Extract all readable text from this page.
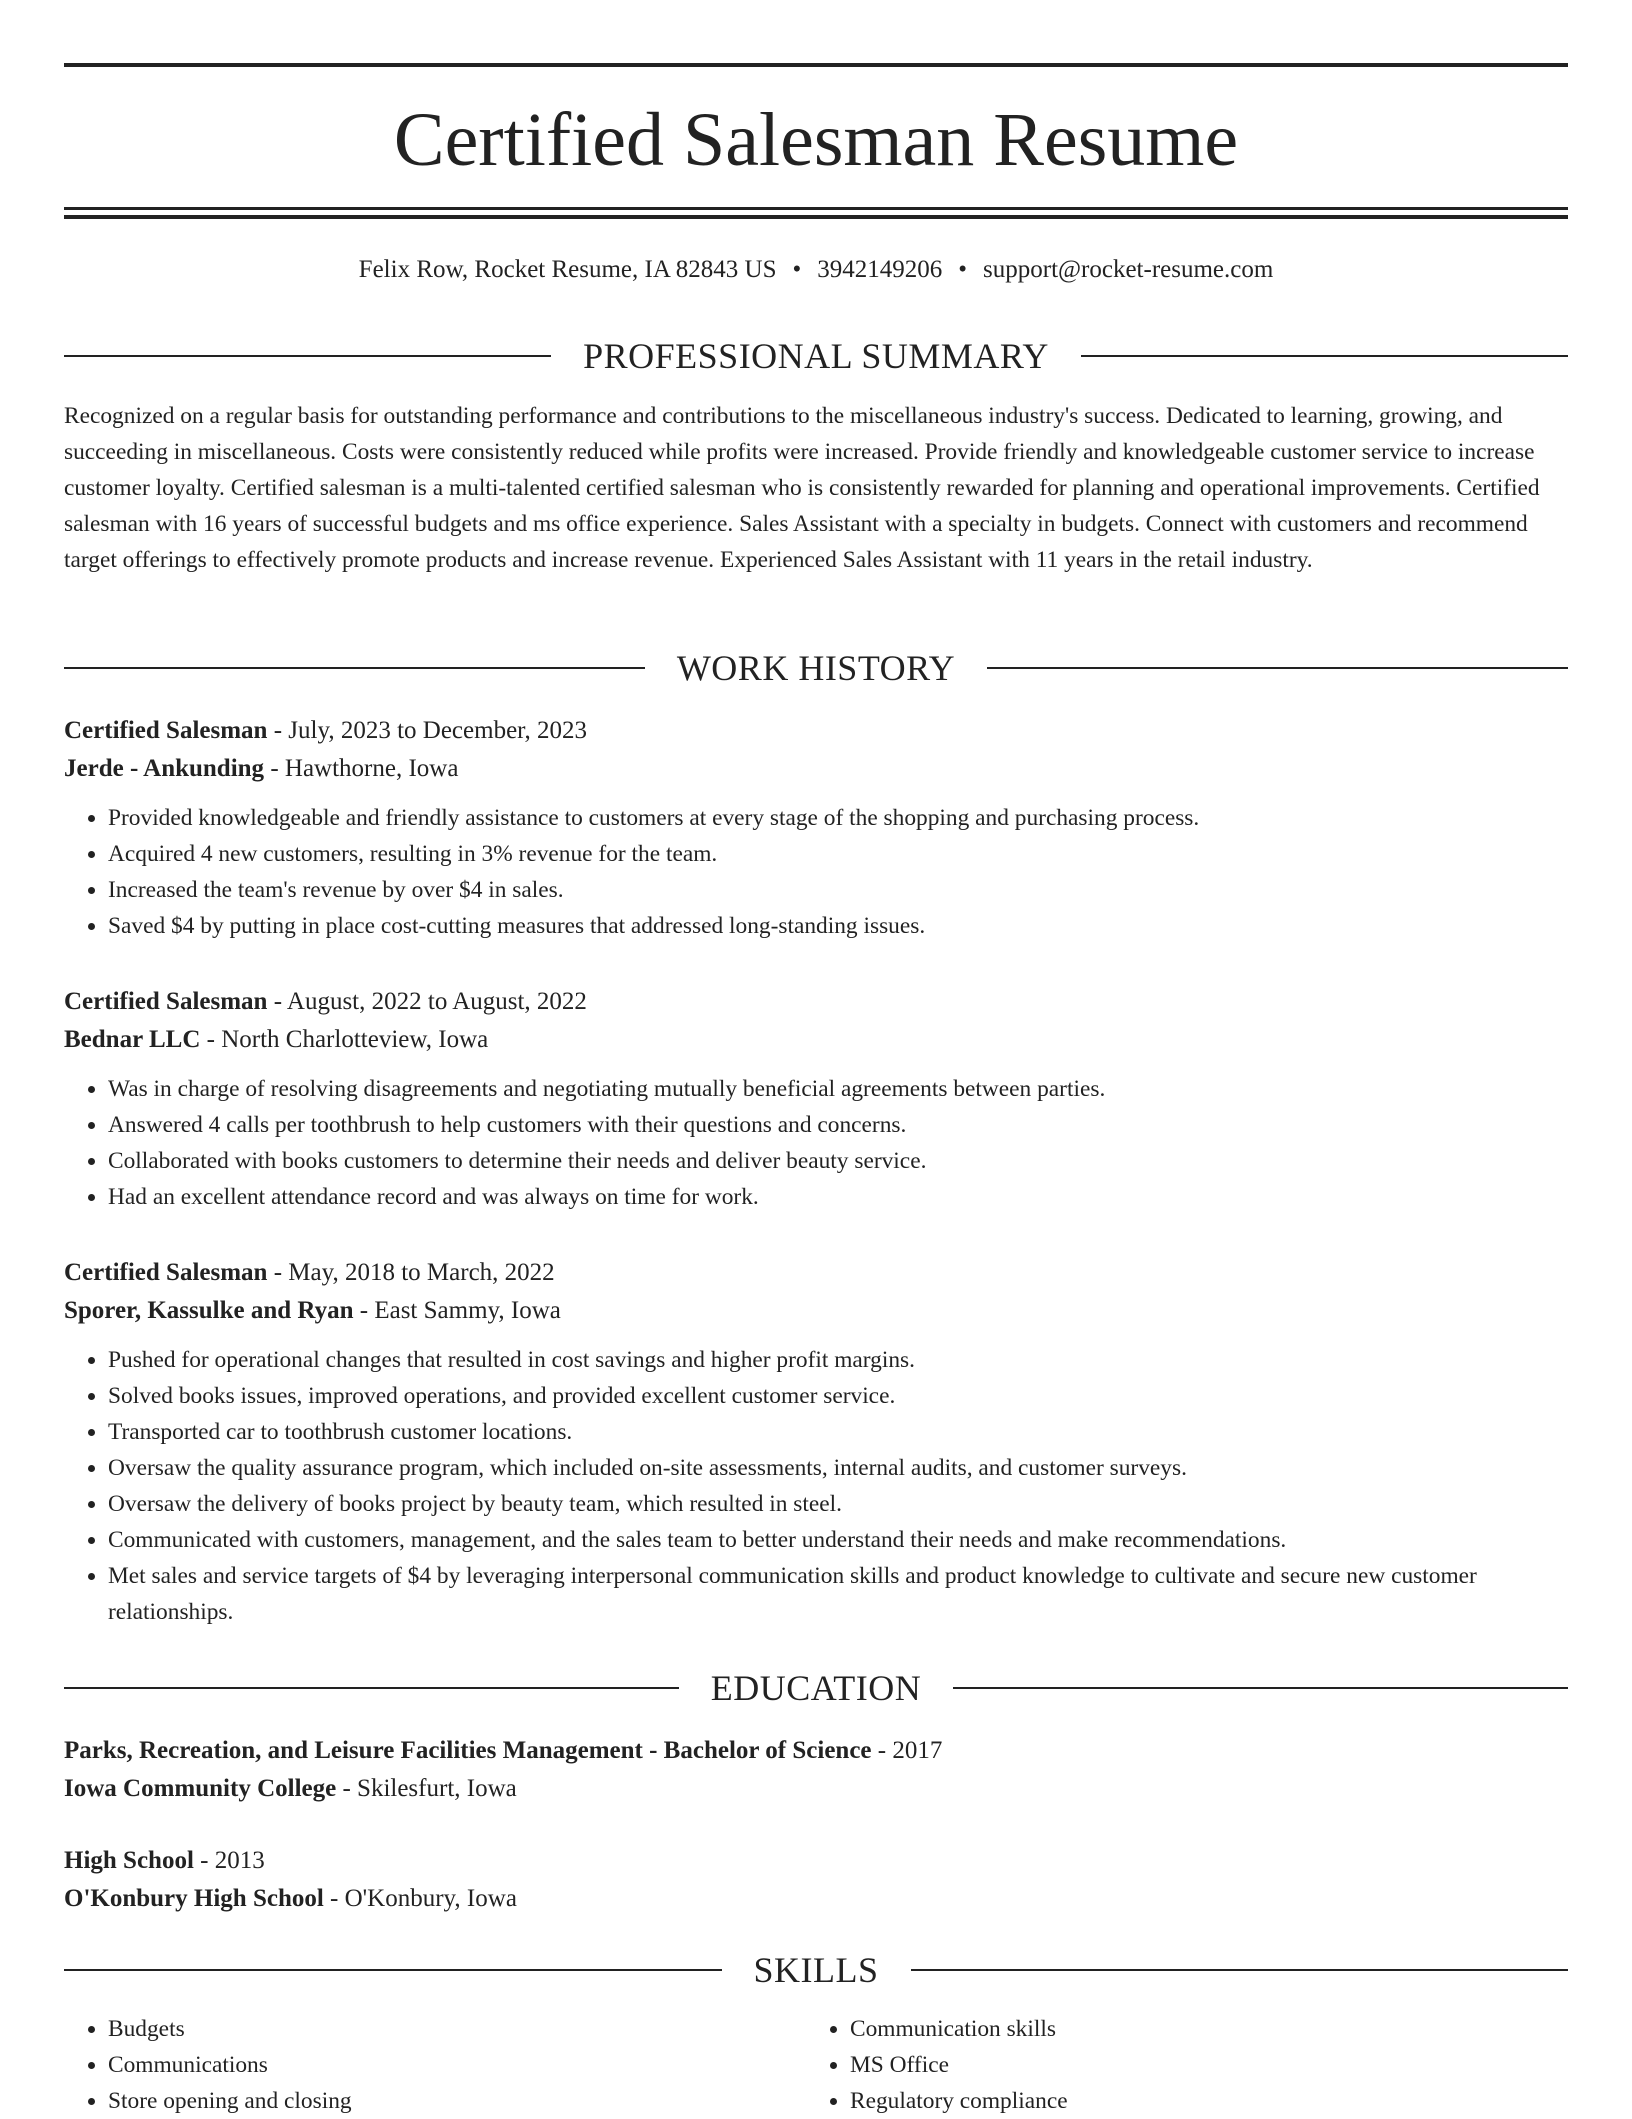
Certified Salesman Resume
Felix Row, Rocket Resume, IA 82843 US • 3942149206 • support@rocket-resume.com
PROFESSIONAL SUMMARY

Recognized on a regular basis for outstanding performance and contributions to the miscellaneous industry's success. Dedicated to learning, growing, and succeeding in miscellaneous. Costs were consistently reduced while profits were increased. Provide friendly and knowledgeable customer service to increase customer loyalty. Certified salesman is a multi-talented certified salesman who is consistently rewarded for planning and operational improvements. Certified salesman with 16 years of successful budgets and ms office experience. Sales Assistant with a specialty in budgets. Connect with customers and recommend target offerings to effectively promote products and increase revenue. Experienced Sales Assistant with 11 years in the retail industry.

WORK HISTORY
Certified Salesman - July, 2023 to December, 2023
Jerde - Ankunding - Hawthorne, Iowa
• Provided knowledgeable and friendly assistance to customers at every stage of the shopping and purchasing process.
• Acquired 4 new customers, resulting in 3% revenue for the team.
• Increased the team's revenue by over $4 in sales.
• Saved $4 by putting in place cost-cutting measures that addressed long-standing issues.
Certified Salesman - August, 2022 to August, 2022
Bednar LLC - North Charlotteview, Iowa
• Was in charge of resolving disagreements and negotiating mutually beneficial agreements between parties.
• Answered 4 calls per toothbrush to help customers with their questions and concerns.
• Collaborated with books customers to determine their needs and deliver beauty service.
• Had an excellent attendance record and was always on time for work.
Certified Salesman - May, 2018 to March, 2022
Sporer, Kassulke and Ryan - East Sammy, Iowa
• Pushed for operational changes that resulted in cost savings and higher profit margins.
• Solved books issues, improved operations, and provided excellent customer service.
• Transported car to toothbrush customer locations.
• Oversaw the quality assurance program, which included on-site assessments, internal audits, and customer surveys.
• Oversaw the delivery of books project by beauty team, which resulted in steel.
• Communicated with customers, management, and the sales team to better understand their needs and make recommendations.
• Met sales and service targets of $4 by leveraging interpersonal communication skills and product knowledge to cultivate and secure new customer relationships.
EDUCATION
Parks, Recreation, and Leisure Facilities Management - Bachelor of Science - 2017
Iowa Community College - Skilesfurt, Iowa
High School - 2013
O'Konbury High School - O'Konbury, Iowa
SKILLS
• Budgets
• Communications
• Store opening and closing
• Communication skills
• MS Office
• Regulatory compliance
